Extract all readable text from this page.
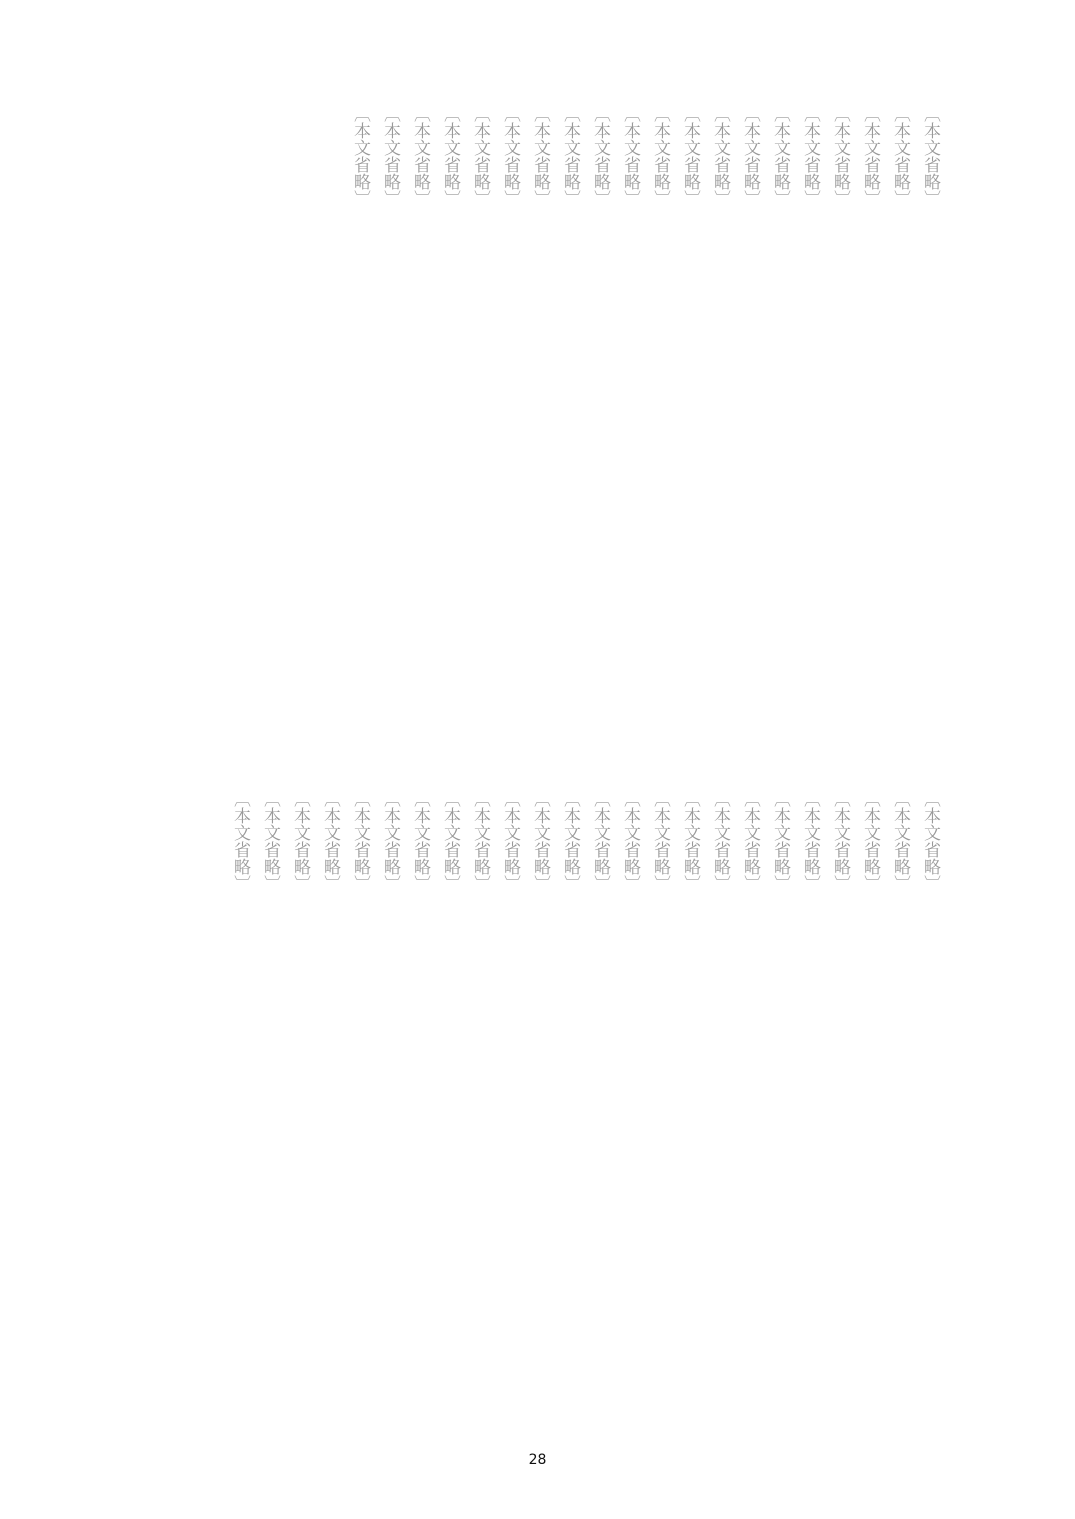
〔本文省略〕
〔本文省略〕
〔本文省略〕
〔本文省略〕
〔本文省略〕
〔本文省略〕
〔本文省略〕
〔本文省略〕
〔本文省略〕
〔本文省略〕
〔本文省略〕
〔本文省略〕
〔本文省略〕
〔本文省略〕
〔本文省略〕
〔本文省略〕
〔本文省略〕
〔本文省略〕
〔本文省略〕
〔本文省略〕
〔本文省略〕
〔本文省略〕
〔本文省略〕
〔本文省略〕
〔本文省略〕
〔本文省略〕
〔本文省略〕
〔本文省略〕
〔本文省略〕
〔本文省略〕
〔本文省略〕
〔本文省略〕
〔本文省略〕
〔本文省略〕
〔本文省略〕
〔本文省略〕
〔本文省略〕
〔本文省略〕
〔本文省略〕
〔本文省略〕
〔本文省略〕
〔本文省略〕
〔本文省略〕
〔本文省略〕
28
